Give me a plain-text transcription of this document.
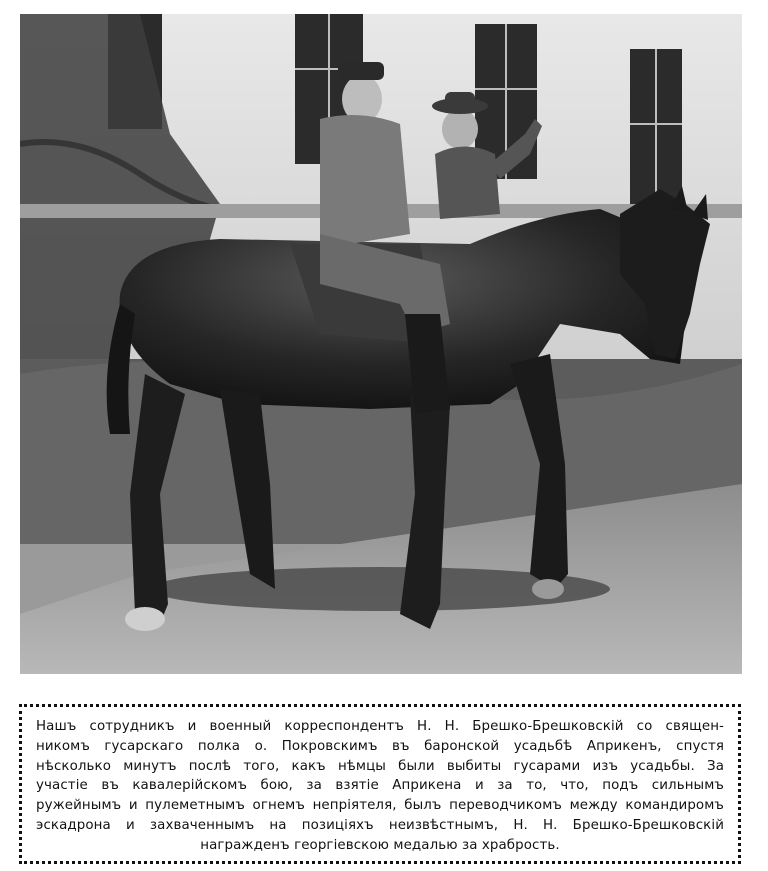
Нашъ сотрудникъ и военный корреспондентъ Н. Н. Брешко-Брешковскій со священ-
никомъ гусарскаго полка о. Покровскимъ въ баронской усадьбѣ Априкенъ, спустя
нѣсколько минутъ послѣ того, какъ нѣмцы были выбиты гусарами изъ усадьбы. За
участіе въ кавалерійскомъ бою, за взятіе Априкена и за то, что, подъ сильнымъ
ружейнымъ и пулеметнымъ огнемъ непріятеля, былъ переводчикомъ между командиромъ
эскадрона и захваченнымъ на позиціяхъ неизвѣстнымъ, Н. Н. Брешко-Брешковскій
награжденъ георгіевскою медалью за храбрость.
